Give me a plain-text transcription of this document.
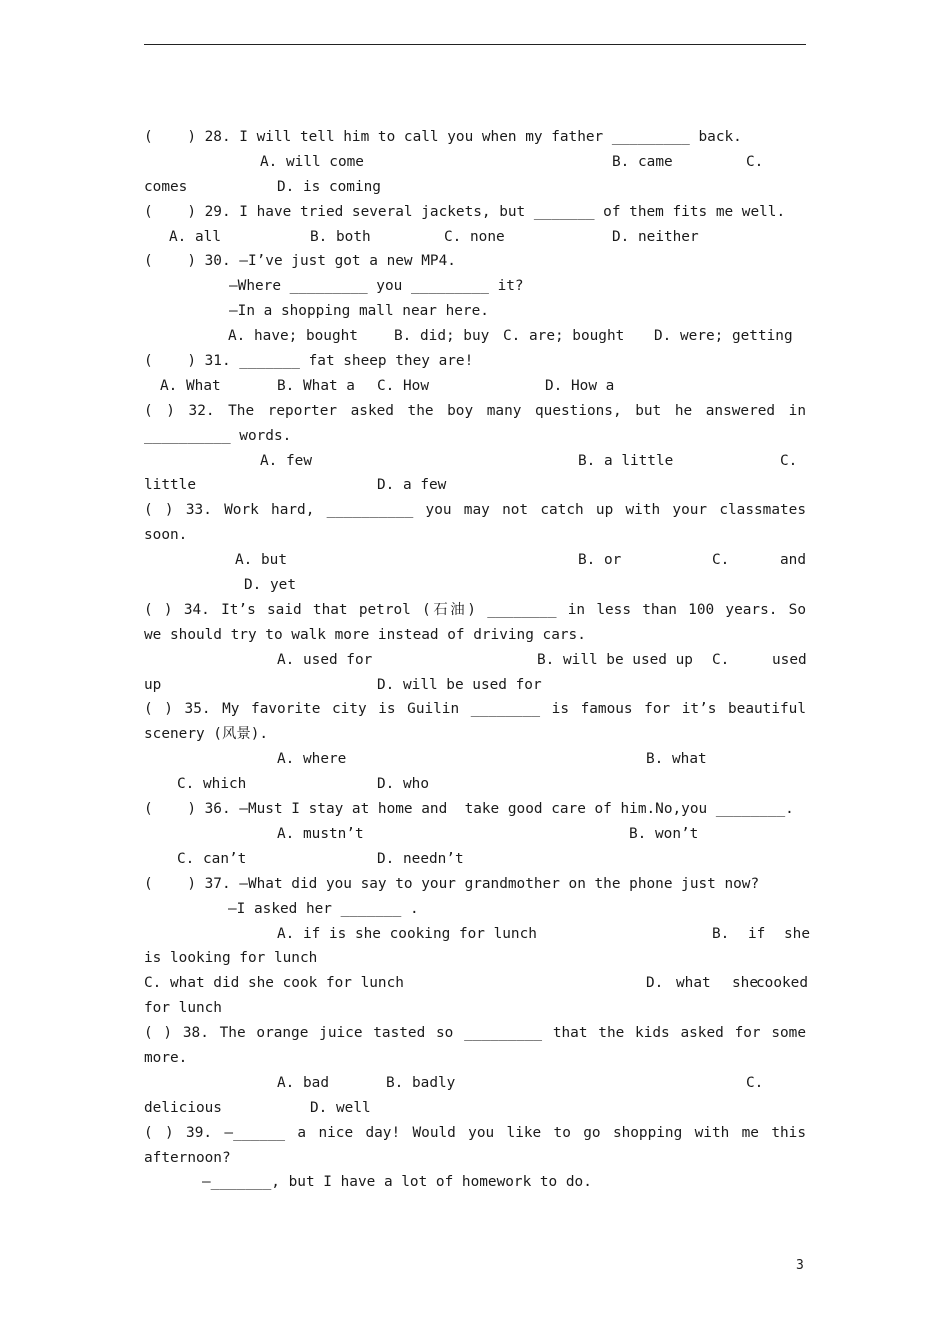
(    ) 28. I will tell him to call you when my father _________ back.
A. will come	B. came	C.
comes	D. is coming
(    ) 29. I have tried several jackets, but _______ of them fits me well.
A. all	B. both	C. none	D. neither
(    ) 30. —I’ve just got a new MP4.
—Where _________ you _________ it?
—In a shopping mall near here.
A. have; bought	B. did; buy C. are; bought D. were; getting
(    ) 31. _______ fat sheep they are!
A. What	B. What a C. How	D. How a
( ) 32. The reporter asked the boy many questions, but he answered in
__________ words.
A. few	B. a little	C.
little	D. a few
( ) 33. Work hard, __________ you may not catch up with your classmates
soon.
A. but	B. or	C.	and
D. yet
( ) 34. It’s said that petrol (石油) ________ in less than 100 years. So
we should try to walk more instead of driving cars.
A. used for	B. will be used up C.	used
up	D. will be used for
( ) 35. My favorite city is Guilin ________ is famous for it’s beautiful
scenery (风景).
A. where	B. what
C. which	D. who
(    ) 36. —Must I stay at home and  take good care of him.No,you ________.
A. mustn’t	B. won’t
C. can’t	D. needn’t
(    ) 37. —What did you say to your grandmother on the phone just now?
—I asked her _______ .
A. if is she cooking for lunch	B. if she
is looking for lunch
C. what did she cook for lunch	D. what she
cooked
for lunch
( ) 38. The orange juice tasted so _________ that the kids asked for some
more.
A. bad	B. badly	C.
delicious	D. well
( ) 39. —______ a nice day! Would you like to go shopping with me this
afternoon?
—_______, but I have a lot of homework to do.
3
